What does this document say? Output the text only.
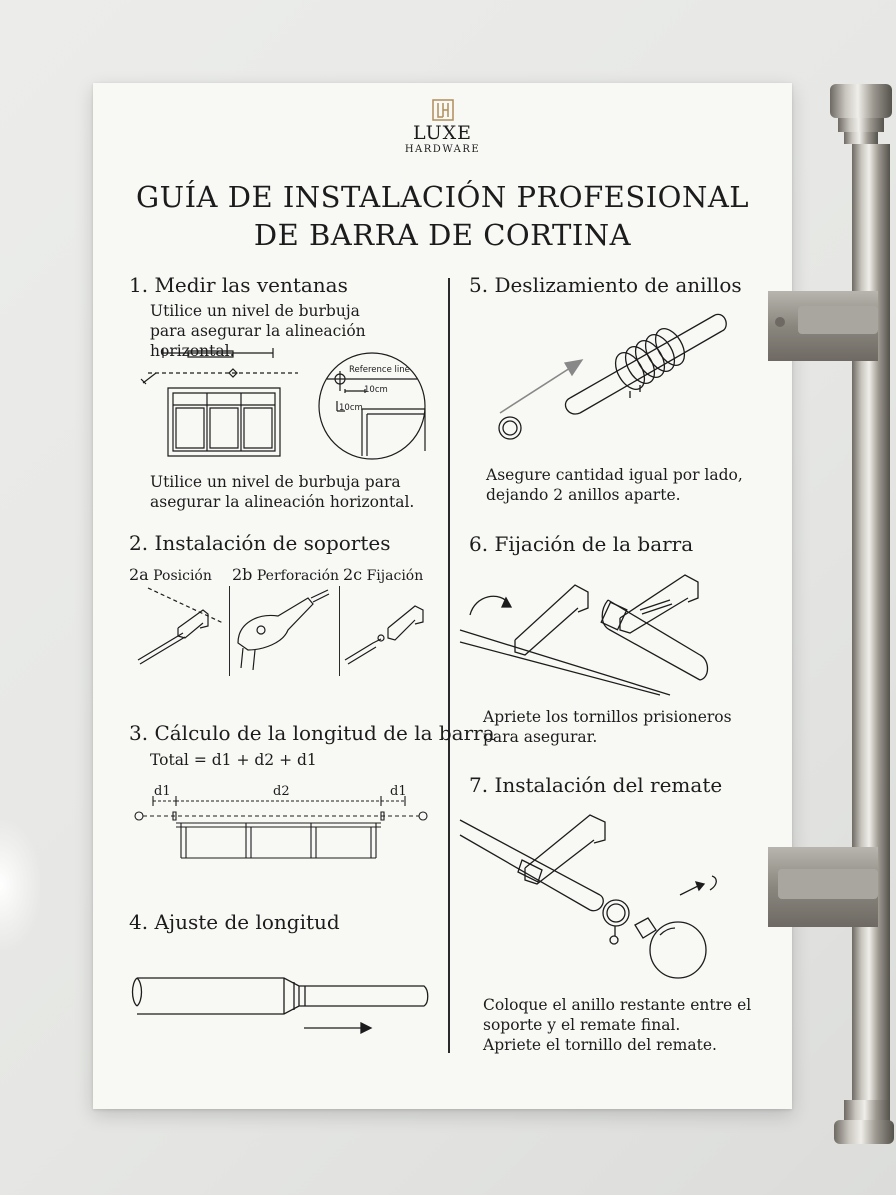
LUXE
HARDWARE
GUÍA DE INSTALACIÓN PROFESIONAL
DE BARRA DE CORTINA
1. Medir las ventanas
Utilice un nivel de burbuja para asegurar la alineación horizontal.
Reference line
10cm
10cm
Utilice un nivel de burbuja para asegurar la alineación horizontal.
2. Instalación de soportes
2a Posición 2b Perforación 2c Fijación
3. Cálculo de la longitud de la barra
Total = d1 + d2 + d1
d1	d2	d1
4. Ajuste de longitud
5. Deslizamiento de anillos
Asegure cantidad igual por lado, dejando 2 anillos aparte.
6. Fijación de la barra
Apriete los tornillos prisioneros para asegurar.
7. Instalación del remate
Coloque el anillo restante entre el
soporte y el remate final.
Apriete el tornillo del remate.
